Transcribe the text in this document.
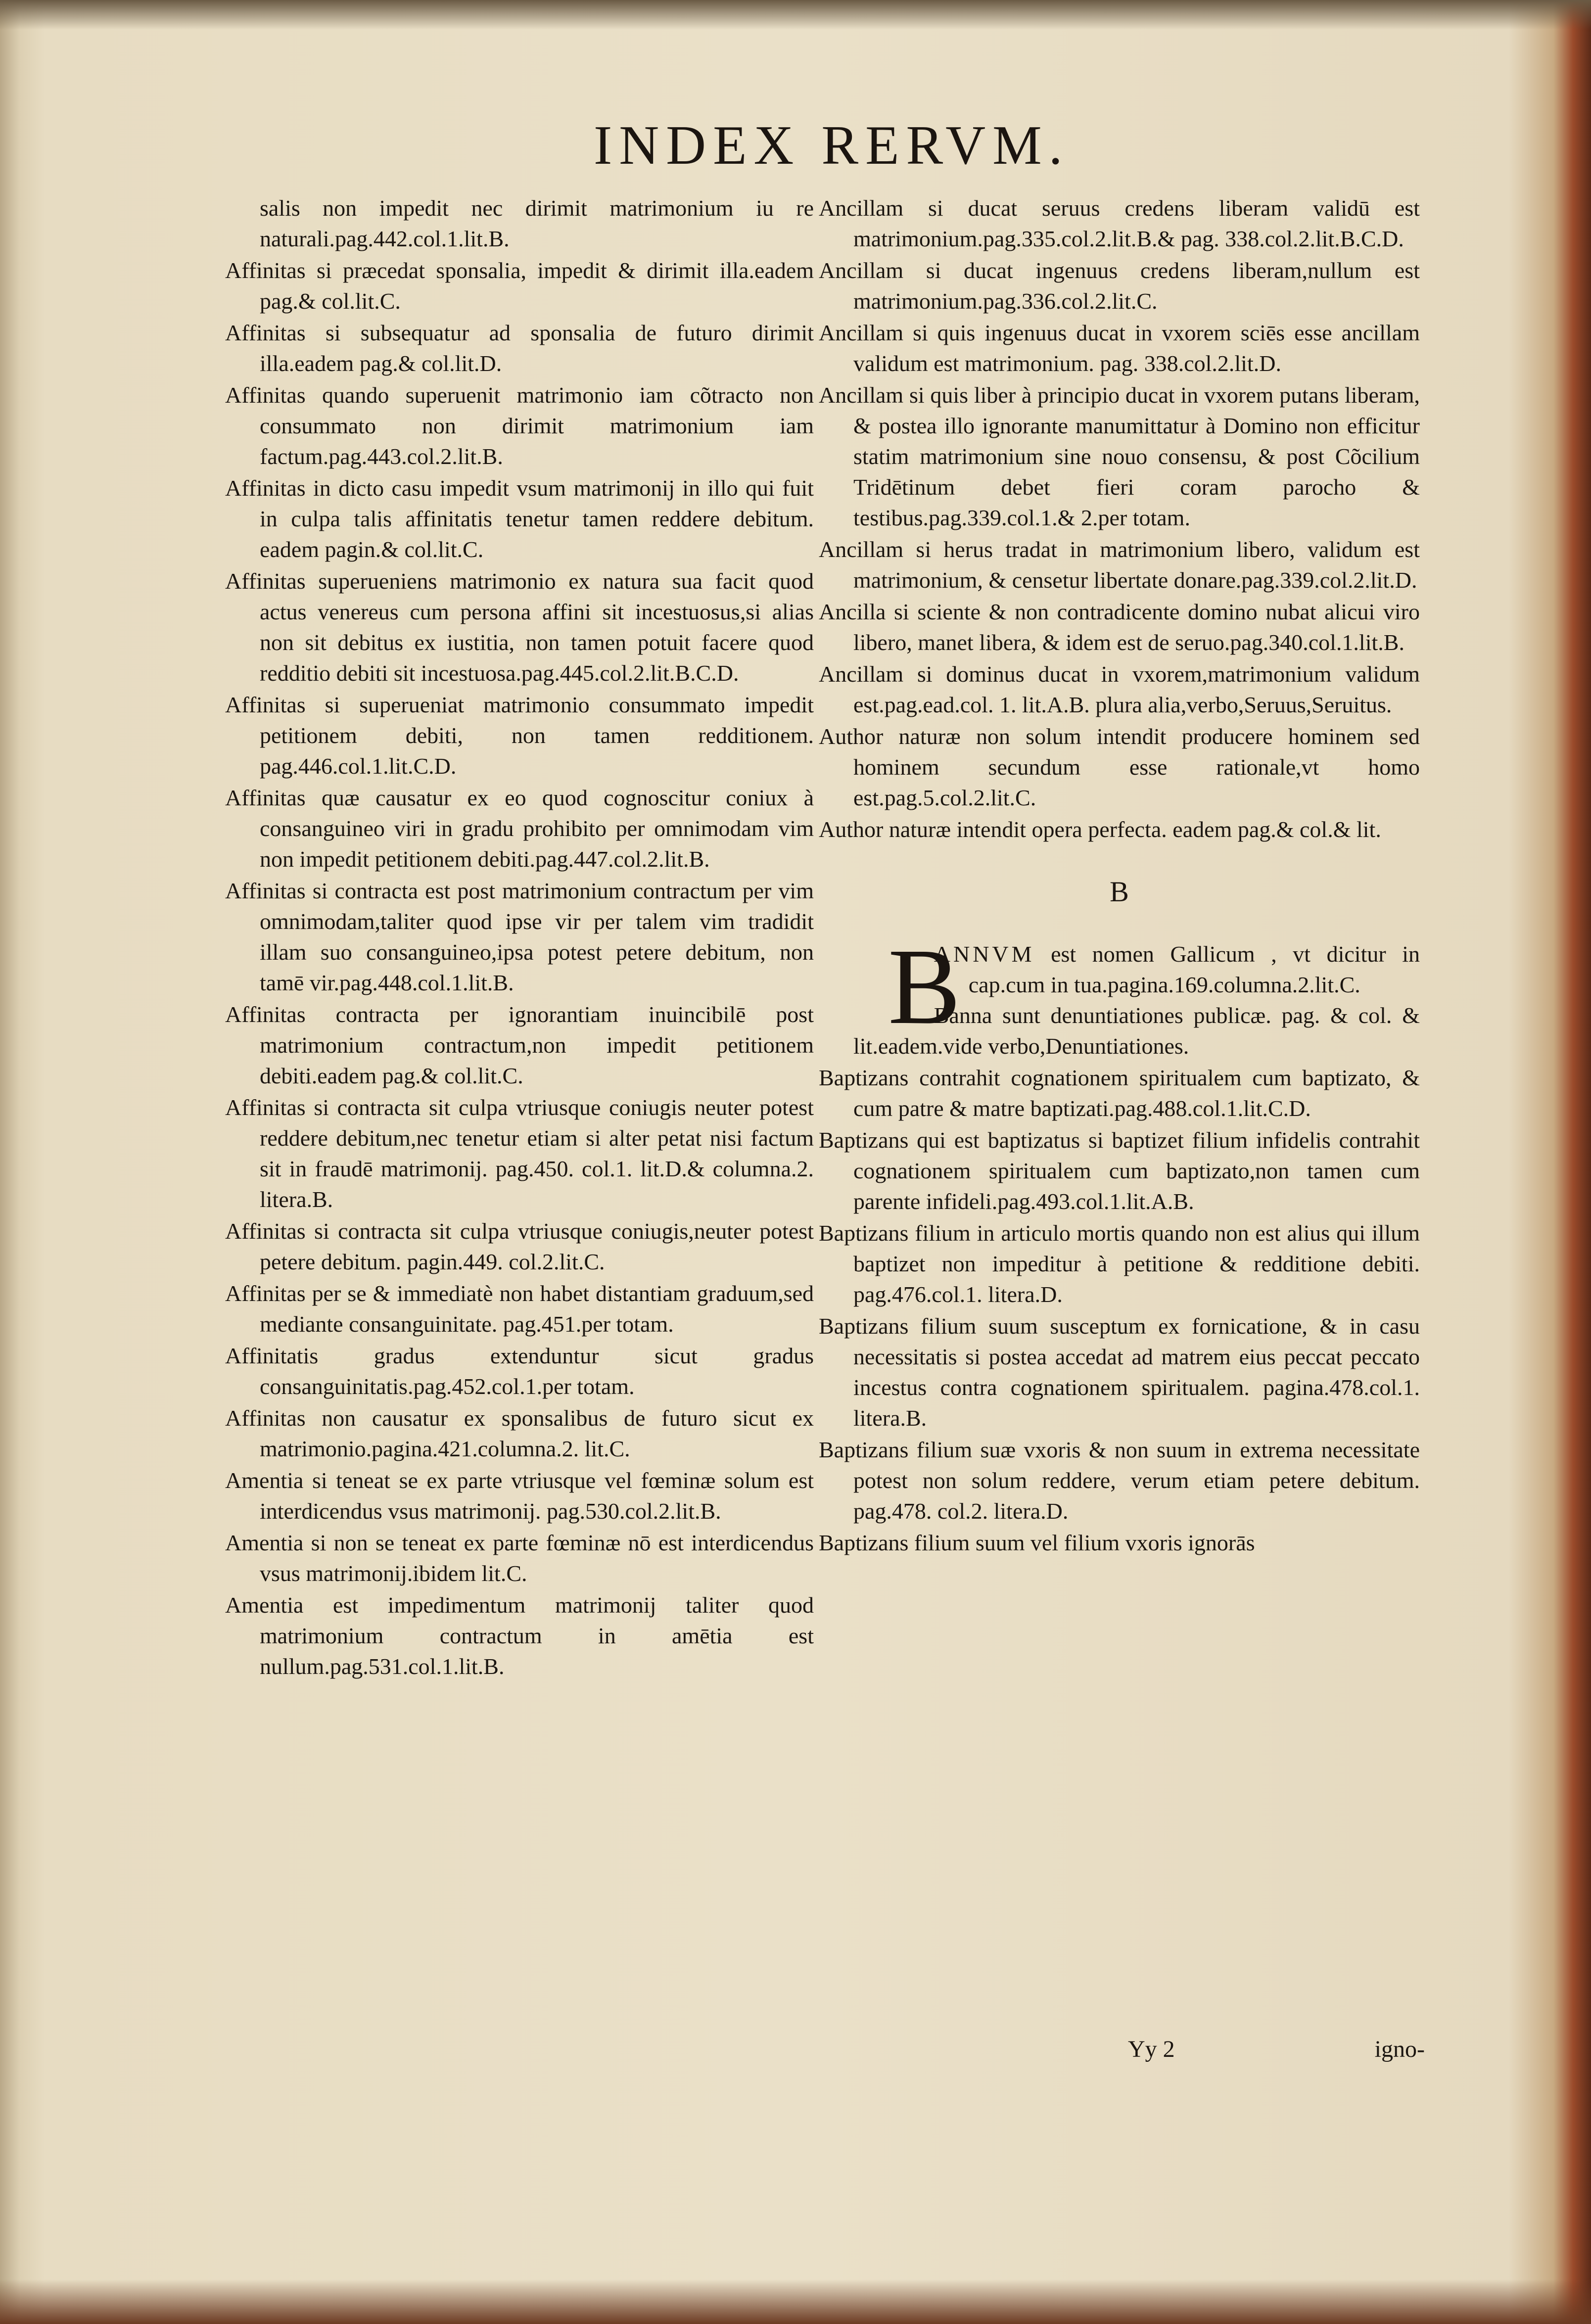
INDEX RERVM.

salis non impedit nec dirimit matrimonium iu re naturali.pag.442.col.1.lit.B.

Affinitas si præcedat sponsalia, impedit & dirimit illa.eadem pag.& col.lit.C.

Affinitas si subsequatur ad sponsalia de futuro dirimit illa.eadem pag.& col.lit.D.

Affinitas quando superuenit matrimonio iam cõtracto non consummato non dirimit matrimonium iam factum.pag.443.col.2.lit.B.

Affinitas in dicto casu impedit vsum matrimonij in illo qui fuit in culpa talis affinitatis tenetur tamen reddere debitum. eadem pagin.& col.lit.C.

Affinitas superueniens matrimonio ex natura sua facit quod actus venereus cum persona affini sit incestuosus,si alias non sit debitus ex iustitia, non tamen potuit facere quod redditio debiti sit incestuosa.pag.445.col.2.lit.B.C.D.

Affinitas si superueniat matrimonio consummato impedit petitionem debiti, non tamen redditionem. pag.446.col.1.lit.C.D.

Affinitas quæ causatur ex eo quod cognoscitur coniux à consanguineo viri in gradu prohibito per omnimodam vim non impedit petitionem debiti.pag.447.col.2.lit.B.

Affinitas si contracta est post matrimonium contractum per vim omnimodam,taliter quod ipse vir per talem vim tradidit illam suo consanguineo,ipsa potest petere debitum, non tamē vir.pag.448.col.1.lit.B.

Affinitas contracta per ignorantiam inuincibilē post matrimonium contractum,non impedit petitionem debiti.eadem pag.& col.lit.C.

Affinitas si contracta sit culpa vtriusque coniugis neuter potest reddere debitum,nec tenetur etiam si alter petat nisi factum sit in fraudē matrimonij. pag.450. col.1. lit.D.& columna.2. litera.B.

Affinitas si contracta sit culpa vtriusque coniugis,neuter potest petere debitum. pagin.449. col.2.lit.C.

Affinitas per se & immediatè non habet distantiam graduum,sed mediante consanguinitate. pag.451.per totam.

Affinitatis gradus extenduntur sicut gradus consanguinitatis.pag.452.col.1.per totam.

Affinitas non causatur ex sponsalibus de futuro sicut ex matrimonio.pagina.421.columna.2. lit.C.

Amentia si teneat se ex parte vtriusque vel fœminæ solum est interdicendus vsus matrimonij. pag.530.col.2.lit.B.

Amentia si non se teneat ex parte fœminæ nō est interdicendus vsus matrimonij.ibidem lit.C.

Amentia est impedimentum matrimonij taliter quod matrimonium contractum in amētia est nullum.pag.531.col.1.lit.B.

Ancillam si ducat seruus credens liberam validū est matrimonium.pag.335.col.2.lit.B.& pag. 338.col.2.lit.B.C.D.

Ancillam si ducat ingenuus credens liberam,nullum est matrimonium.pag.336.col.2.lit.C.

Ancillam si quis ingenuus ducat in vxorem sciēs esse ancillam validum est matrimonium. pag. 338.col.2.lit.D.

Ancillam si quis liber à principio ducat in vxorem putans liberam, & postea illo ignorante manumittatur à Domino non efficitur statim matrimonium sine nouo consensu, & post Cõcilium Tridētinum debet fieri coram parocho & testibus.pag.339.col.1.& 2.per totam.

Ancillam si herus tradat in matrimonium libero, validum est matrimonium, & censetur libertate donare.pag.339.col.2.lit.D.

Ancilla si sciente & non contradicente domino nubat alicui viro libero, manet libera, & idem est de seruo.pag.340.col.1.lit.B.

Ancillam si dominus ducat in vxorem,matrimonium validum est.pag.ead.col. 1. lit.A.B. plura alia,verbo,Seruus,Seruitus.

Author naturæ non solum intendit producere hominem sed hominem secundum esse rationale,vt homo est.pag.5.col.2.lit.C.

Author naturæ intendit opera perfecta. eadem pag.& col.& lit.

B
B
ANNVM est nomen Gallicum , vt dicitur in cap.cum in tua.pagina.169.columna.2.lit.C.

Banna sunt denuntiationes publicæ. pag. & col. & lit.eadem.vide verbo,Denuntiationes.

Baptizans contrahit cognationem spiritualem cum baptizato, & cum patre & matre baptizati.pag.488.col.1.lit.C.D.

Baptizans qui est baptizatus si baptizet filium infidelis contrahit cognationem spiritualem cum baptizato,non tamen cum parente infideli.pag.493.col.1.lit.A.B.

Baptizans filium in articulo mortis quando non est alius qui illum baptizet non impeditur à petitione & redditione debiti. pag.476.col.1. litera.D.

Baptizans filium suum susceptum ex fornicatione, & in casu necessitatis si postea accedat ad matrem eius peccat peccato incestus contra cognationem spiritualem. pagina.478.col.1. litera.B.

Baptizans filium suæ vxoris & non suum in extrema necessitate potest non solum reddere, verum etiam petere debitum. pag.478. col.2. litera.D.

Baptizans filium suum vel filium vxoris ignorās

Yy 2	igno-
